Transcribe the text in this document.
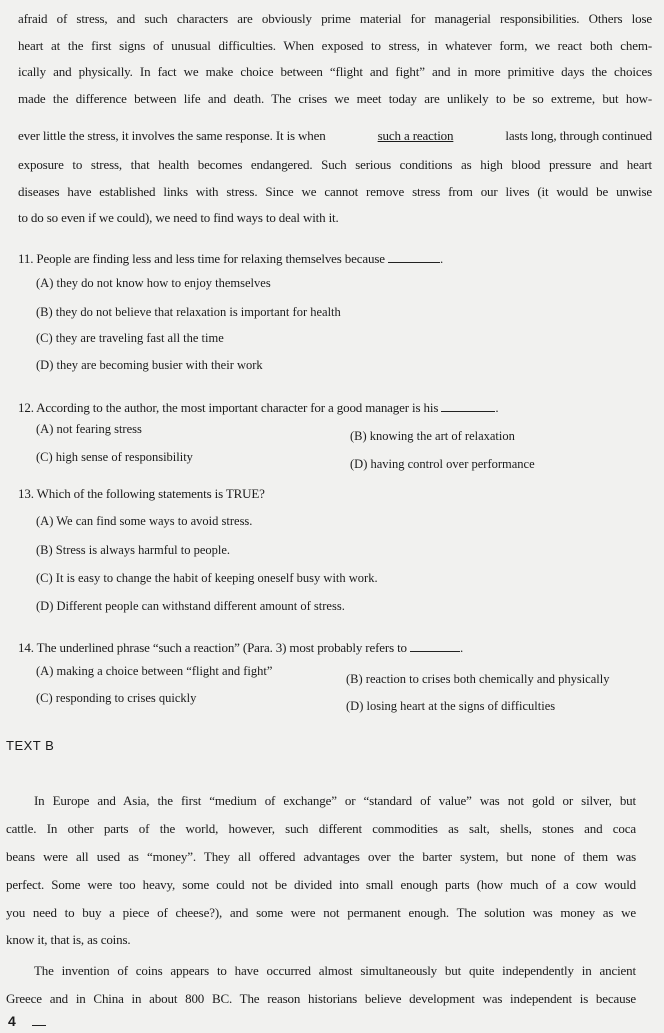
afraid of stress, and such characters are obviously prime material for managerial responsibilities. Others lose
heart at the first signs of unusual difficulties. When exposed to stress, in whatever form, we react both chem-
ically and physically. In fact we make choice between “flight and fight” and in more primitive days the choices
made the difference between life and death. The crises we meet today are unlikely to be so extreme, but how-
ever little the stress, it involves the same response. It is when	such a reaction	lasts long, through continued
exposure to stress, that health becomes endangered. Such serious conditions as high blood pressure and heart
diseases have established links with stress. Since we cannot remove stress from our lives (it would be unwise
to do so even if we could), we need to find ways to deal with it.
11. People are finding less and less time for relaxing themselves because	.
(A) they do not know how to enjoy themselves
(B) they do not believe that relaxation is important for health
(C) they are traveling fast all the time
(D) they are becoming busier with their work
12. According to the author, the most important character for a good manager is his	.
(A) not fearing stress	(B) knowing the art of relaxation
(C) high sense of responsibility	(D) having control over performance
13. Which of the following statements is TRUE?
(A) We can find some ways to avoid stress.
(B) Stress is always harmful to people.
(C) It is easy to change the habit of keeping oneself busy with work.
(D) Different people can withstand different amount of stress.
14. The underlined phrase “such a reaction” (Para. 3) most probably refers to	.
(A) making a choice between “flight and fight”
(B) reaction to crises both chemically and physically
(C) responding to crises quickly
(D) losing heart at the signs of difficulties
TEXT B
In Europe and Asia, the first “medium of exchange” or “standard of value” was not gold or silver, but
cattle. In other parts of the world, however, such different commodities as salt, shells, stones and coca
beans were all used as “money”. They all offered advantages over the barter system, but none of them was
perfect. Some were too heavy, some could not be divided into small enough parts (how much of a cow would
you need to buy a piece of cheese?), and some were not permanent enough. The solution was money as we
know it, that is, as coins.
The invention of coins appears to have occurred almost simultaneously but quite independently in ancient
Greece and in China in about 800 BC. The reason historians believe development was independent is because
4
